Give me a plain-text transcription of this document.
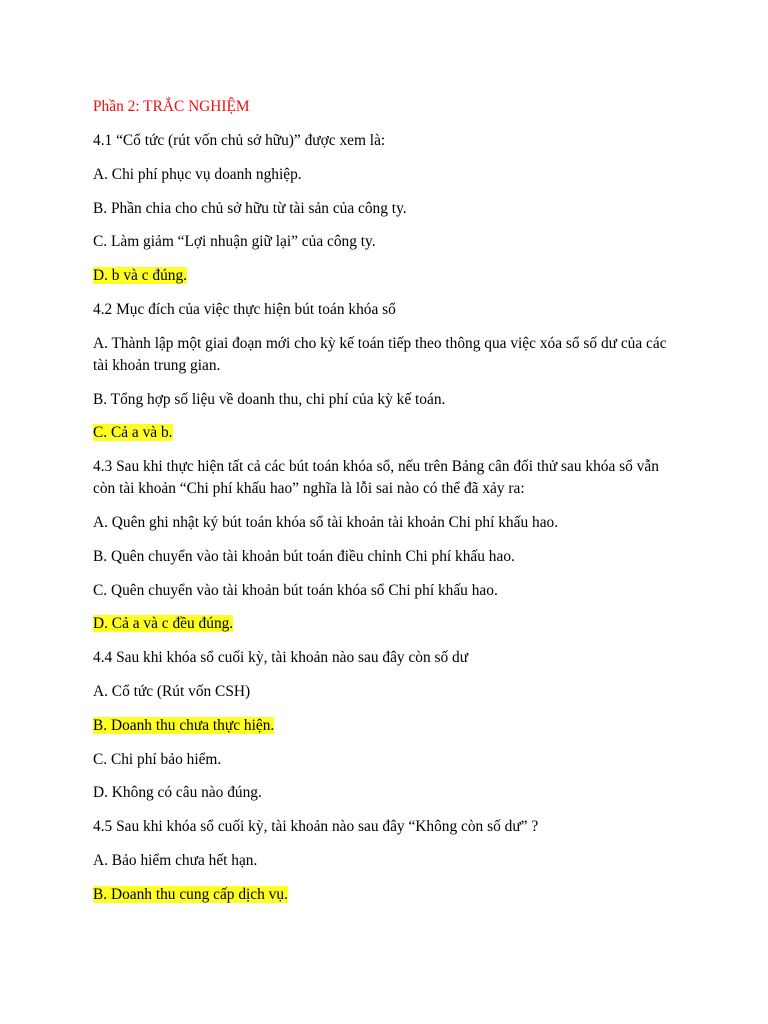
Phần 2: TRẮC NGHIỆM

4.1 “Cổ tức (rút vốn chủ sở hữu)” được xem là:

A. Chi phí phục vụ doanh nghiệp.

B. Phần chia cho chủ sở hữu từ tài sản của công ty.

C. Làm giảm “Lợi nhuận giữ lại” của công ty.

D. b và c đúng.

4.2 Mục đích của việc thực hiện bút toán khóa sổ

A. Thành lập một giai đoạn mới cho kỳ kế toán tiếp theo thông qua việc xóa sổ số dư của các tài khoản trung gian.

B. Tổng hợp số liệu về doanh thu, chi phí của kỳ kế toán.

C. Cả a và b.

4.3 Sau khi thực hiện tất cả các bút toán khóa sổ, nếu trên Bảng cân đối thử sau khóa sổ vẫn còn tài khoản “Chi phí khấu hao” nghĩa là lỗi sai nào có thể đã xảy ra:

A. Quên ghi nhật ký bút toán khóa sổ tài khoản tài khoản Chi phí khấu hao.

B. Quên chuyển vào tài khoản bút toán điều chỉnh Chi phí khấu hao.

C. Quên chuyển vào tài khoản bút toán khóa sổ Chi phí khấu hao.

D. Cả a và c đều đúng.

4.4 Sau khi khóa sổ cuối kỳ, tài khoản nào sau đây còn số dư

A. Cổ tức (Rút vốn CSH)

B. Doanh thu chưa thực hiện.

C. Chi phí bảo hiểm.

D. Không có câu nào đúng.

4.5 Sau khi khóa sổ cuối kỳ, tài khoản nào sau đây “Không còn số dư” ?

A. Bảo hiểm chưa hết hạn.

B. Doanh thu cung cấp dịch vụ.
